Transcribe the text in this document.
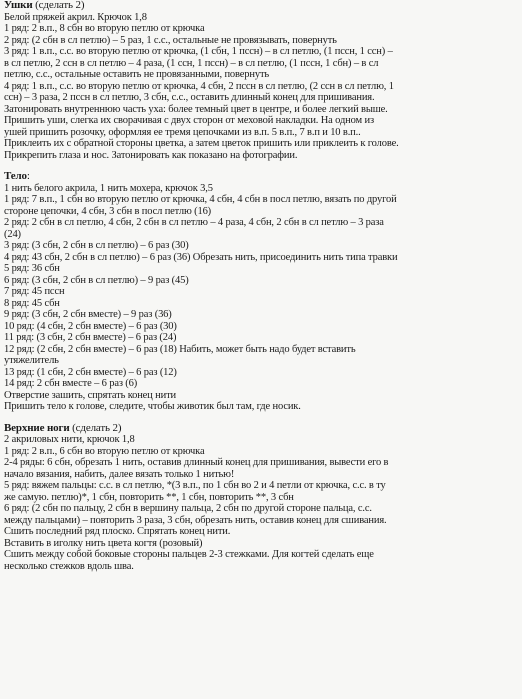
Ушки (сделать 2)
Белой пряжей акрил. Крючок 1,8
1 ряд: 2 в.п., 8 сбн во вторую петлю от крючка
2 ряд: (2 сбн в сл петлю) – 5 раз, 1 с.с., остальные не провязывать, повернуть
3 ряд: 1 в.п., с.с. во вторую петлю от крючка, (1 сбн, 1 пссн) – в сл петлю, (1 пссн, 1 ссн) –
в сл петлю, 2 ссн в сл петлю – 4 раза, (1 ссн, 1 пссн) – в сл петлю, (1 пссн, 1 сбн) – в сл
петлю, с.с., остальные оставить не провязанными, повернуть
4 ряд: 1 в.п., с.с. во вторую петлю от крючка, 4 сбн, 2 пссн в сл петлю, (2 ссн в сл петлю, 1
ссн) – 3 раза, 2 пссн в сл петлю, 3 сбн, с.с., оставить длинный конец для пришивания.
Затонировать внутреннюю часть уха: более темный цвет в центре, и более легкий выше.
Пришить уши, слегка их сворачивая с двух сторон от меховой накладки. На одном из
ушей пришить розочку, оформляя ее тремя цепочками из в.п. 5 в.п., 7 в.п и 10 в.п..
Приклеить их с обратной стороны цветка, а затем цветок пришить или приклеить к голове.
Прикрепить глаза и нос. Затонировать как показано на фотографии.
Тело:
1 нить белого акрила, 1 нить мохера, крючок 3,5
1 ряд: 7 в.п., 1 сбн во вторую петлю от крючка, 4 сбн, 4 сбн в посл петлю, вязать по другой
стороне цепочки, 4 сбн, 3 сбн в посл петлю (16)
2 ряд: 2 сбн в сл петлю, 4 сбн, 2 сбн в сл петлю – 4 раза, 4 сбн, 2 сбн в сл петлю – 3 раза
(24)
3 ряд: (3 сбн, 2 сбн в сл петлю) – 6 раз (30)
4 ряд: 43 сбн, 2 сбн в сл петлю) – 6 раз (36) Обрезать нить, присоединить нить типа травки
5 ряд: 36 сбн
6 ряд: (3 сбн, 2 сбн в сл петлю) – 9 раз (45)
7 ряд: 45 пссн
8 ряд: 45 сбн
9 ряд: (3 сбн, 2 сбн вместе) – 9 раз (36)
10 ряд: (4 сбн, 2 сбн вместе) – 6 раз (30)
11 ряд: (3 сбн, 2 сбн вместе) – 6 раз (24)
12 ряд: (2 сбн, 2 сбн вместе) – 6 раз (18) Набить, может быть надо будет вставить
утяжелитель
13 ряд: (1 сбн, 2 сбн вместе) – 6 раз (12)
14 ряд: 2 сбн вместе – 6 раз (6)
Отверстие зашить, спрятать конец нити
Пришить тело к голове, следите, чтобы животик был там, где носик.
Верхние ноги (сделать 2)
2 акриловых нити, крючок 1,8
1 ряд: 2 в.п., 6 сбн во вторую петлю от крючка
2-4 ряды: 6 сбн, обрезать 1 нить, оставив длинный конец для пришивания, вывести его в
начало вязания, набить, далее вязать только 1 нитью!
5 ряд: вяжем пальцы: с.с. в сл петлю, *(3 в.п., по 1 сбн во 2 и 4 петли от крючка, с.с. в ту
же самую. петлю)*, 1 сбн, повторить **, 1 сбн, повторить **, 3 сбн
6 ряд: (2 сбн по пальцу, 2 сбн в вершину пальца, 2 сбн по другой стороне пальца, с.с.
между пальцами) – повторить 3 раза, 3 сбн, обрезать нить, оставив конец для сшивания.
Сшить последний ряд плоско. Спрятать конец нити.
Вставить в иголку нить цвета когтя (розовый)
Сшить между собой боковые стороны пальцев 2-3 стежками. Для когтей сделать еще
несколько стежков вдоль шва.
